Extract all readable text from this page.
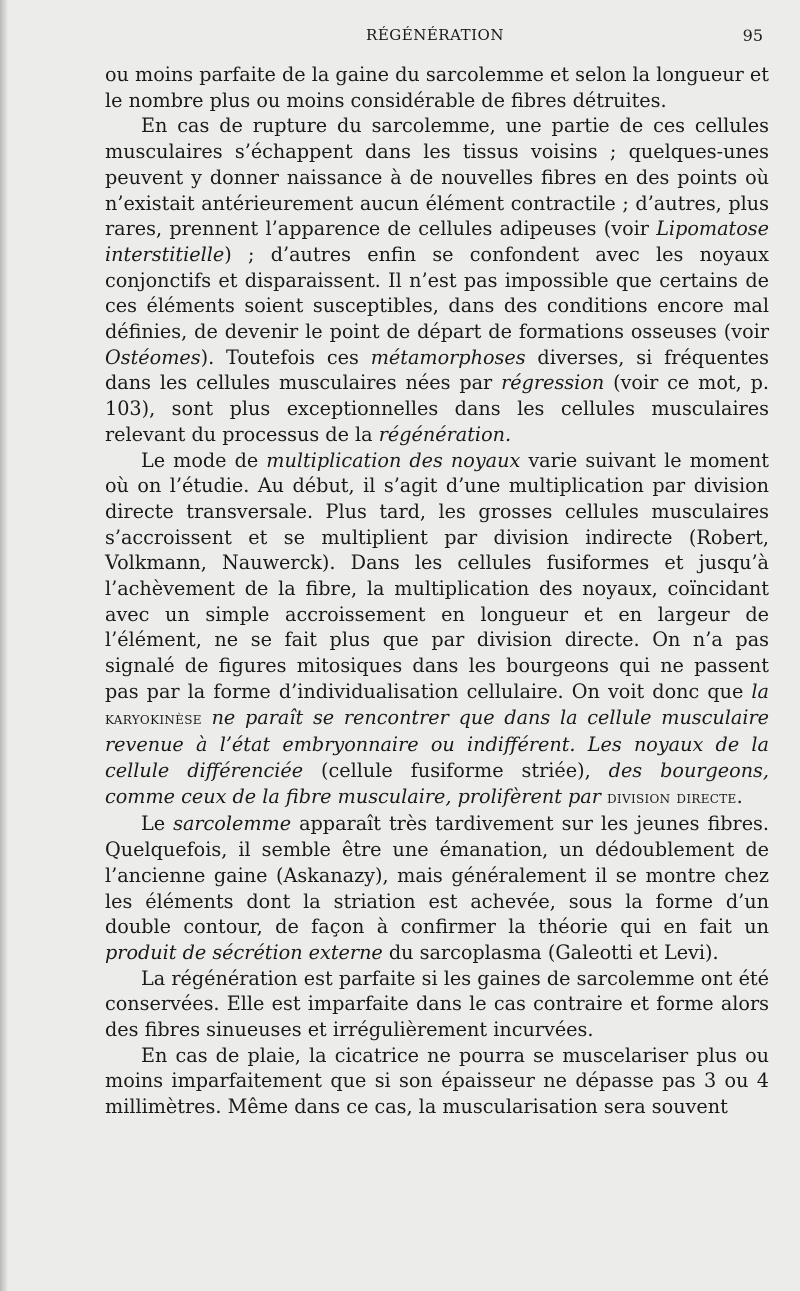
RÉGÉNÉRATION	95

ou moins parfaite de la gaine du sarcolemme et selon la longueur et le nombre plus ou moins considérable de fibres détruites.

En cas de rupture du sarcolemme, une partie de ces cellules musculaires s’échappent dans les tissus voisins ; quelques-unes peuvent y donner naissance à de nouvelles fibres en des points où n’existait antérieurement aucun élément contractile ; d’autres, plus rares, prennent l’apparence de cellules adipeuses (voir Lipomatose interstitielle) ; d’autres enfin se confondent avec les noyaux conjonctifs et disparaissent. Il n’est pas impossible que certains de ces éléments soient susceptibles, dans des conditions encore mal définies, de devenir le point de départ de formations osseuses (voir Ostéomes). Toutefois ces métamorphoses diverses, si fréquentes dans les cellules musculaires nées par régression (voir ce mot, p. 103), sont plus exceptionnelles dans les cellules musculaires relevant du processus de la régénération.

Le mode de multiplication des noyaux varie suivant le moment où on l’étudie. Au début, il s’agit d’une multiplication par division directe transversale. Plus tard, les grosses cellules musculaires s’accroissent et se multiplient par division indirecte (Robert, Volkmann, Nauwerck). Dans les cellules fusiformes et jusqu’à l’achèvement de la fibre, la multiplication des noyaux, coïncidant avec un simple accroissement en longueur et en largeur de l’élément, ne se fait plus que par division directe. On n’a pas signalé de figures mitosiques dans les bourgeons qui ne passent pas par la forme d’individualisation cellulaire. On voit donc que la karyokinèse ne paraît se rencontrer que dans la cellule musculaire revenue à l’état embryonnaire ou indifférent. Les noyaux de la cellule différenciée (cellule fusiforme striée), des bourgeons, comme ceux de la fibre musculaire, prolifèrent par division directe.

Le sarcolemme apparaît très tardivement sur les jeunes fibres. Quelquefois, il semble être une émanation, un dédoublement de l’ancienne gaine (Askanazy), mais généralement il se montre chez les éléments dont la striation est achevée, sous la forme d’un double contour, de façon à confirmer la théorie qui en fait un produit de sécrétion externe du sarcoplasma (Galeotti et Levi).

La régénération est parfaite si les gaines de sarcolemme ont été conservées. Elle est imparfaite dans le cas contraire et forme alors des fibres sinueuses et irrégulièrement incurvées.

En cas de plaie, la cicatrice ne pourra se muscelariser plus ou moins imparfaitement que si son épaisseur ne dépasse pas 3 ou 4 millimètres. Même dans ce cas, la muscularisation sera souvent
